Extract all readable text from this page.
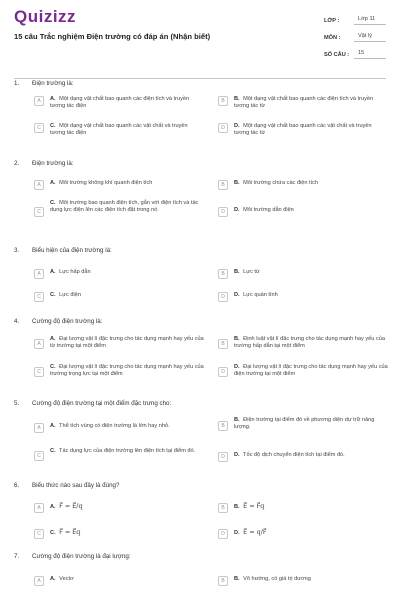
Quizizz
15 câu Trắc nghiệm Điện trường có đáp án (Nhận biết)
LỚP :	Lớp 11
MÔN :	Vật lý
SỐ CÂU :	15
1.	Điện trường là:
A	A. Một dạng vật chất bao quanh các điện tích và truyền tương tác điện
B	B. Một dạng vật chất bao quanh các điện tích và truyền tương tác từ
C	C. Một dạng vật chất bao quanh các vật chất và truyền tương tác điện
D	D. Một dạng vật chất bao quanh các vật chất và truyền tương tác từ
2.	Điện trường là:
A	A. Môi trường không khí quanh điện tích	B	B. Môi trường chứa các điện tích
C
C. Môi trường bao quanh điện tích, gắn với điện tích và tác dụng lực điện lên các điện tích đặt trong nó	D	D. Môi trường dẫn điện
3.	Biểu hiện của điện trường là:
A	A. Lực hấp dẫn	B	B. Lực từ
C	C. Lực điện	D	D. Lực quán tính
4.	Cường độ điện trường là:
A
A. Đại lượng vật lí đặc trưng cho tác dụng mạnh hay yếu của từ trường tại một điểm	B
B. Định luật vật lí đặc trưng cho tác dụng mạnh hay yếu của trường hấp dẫn tại một điểm
C
C. Đại lượng vật lí đặc trưng cho tác dụng mạnh hay yếu của trường trọng lực tại một điểm	D
D. Đại lượng vật lí đặc trưng cho tác dụng mạnh hay yếu của điện trường tại một điểm
5.	Cường độ điện trường tại một điểm đặc trưng cho:
A	A. Thể tích vùng có điện trường là lớn hay nhỏ.	B
B. Điện trường tại điểm đó về phương diện dự trữ năng lượng.
C
C. Tác dụng lực của điện trường lên điện tích tại điểm đó.
D	D. Tốc độ dịch chuyển điện tích tại điểm đó.
6.	Biểu thức nào sau đây là đúng?
A	A. F⃗ = E⃗/q	B	B. E⃗ = F⃗q
C	C. F⃗ = E⃗q	D	D. E⃗ = q/F⃗
7.	Cường độ điện trường là đại lượng:
A	A. Vectơ	B	B. Vô hướng, có giá trị dương
